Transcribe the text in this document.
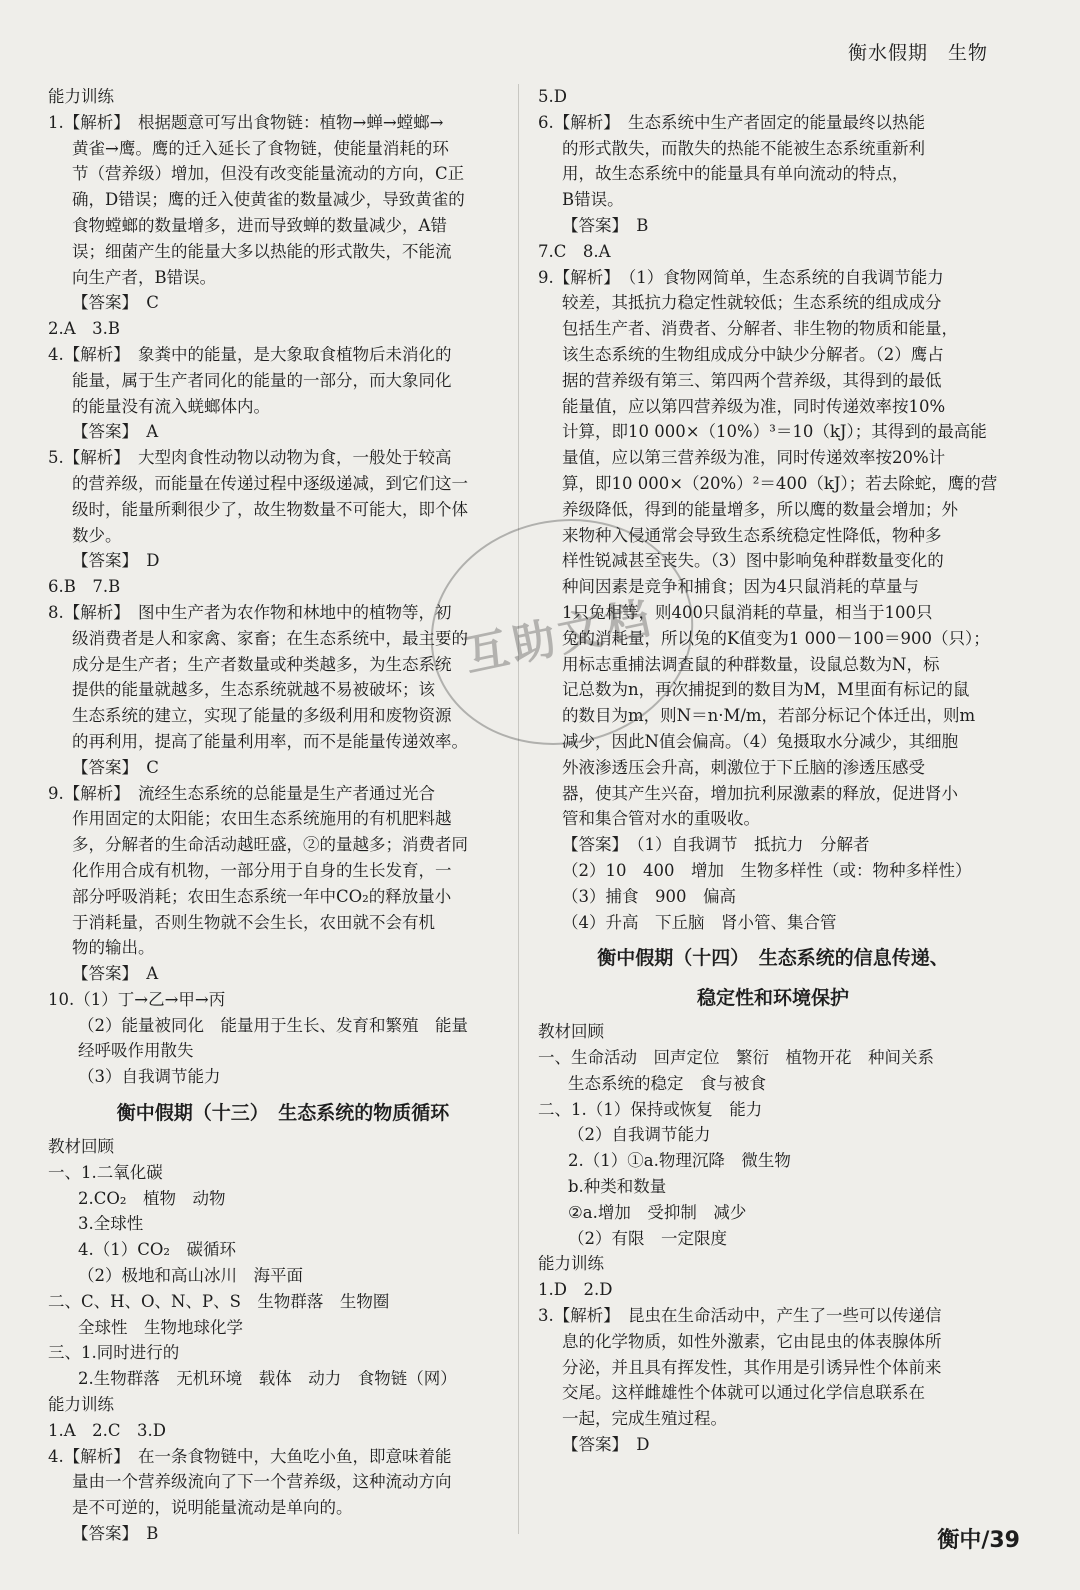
衡水假期　生物
能力训练
1.【解析】　根据题意可写出食物链：植物→蝉→螳螂→
黄雀→鹰。鹰的迁入延长了食物链，使能量消耗的环
节（营养级）增加，但没有改变能量流动的方向，C正
确，D错误；鹰的迁入使黄雀的数量减少，导致黄雀的
食物螳螂的数量增多，进而导致蝉的数量减少，A错
误；细菌产生的能量大多以热能的形式散失，不能流
向生产者，B错误。
【答案】　C
2.A　3.B
4.【解析】　象粪中的能量，是大象取食植物后未消化的
能量，属于生产者同化的能量的一部分，而大象同化
的能量没有流入蜣螂体内。
【答案】　A
5.【解析】　大型肉食性动物以动物为食，一般处于较高
的营养级，而能量在传递过程中逐级递减，到它们这一
级时，能量所剩很少了，故生物数量不可能大，即个体
数少。
【答案】　D
6.B　7.B
8.【解析】　图中生产者为农作物和林地中的植物等，初
级消费者是人和家禽、家畜；在生态系统中，最主要的
成分是生产者；生产者数量或种类越多，为生态系统
提供的能量就越多，生态系统就越不易被破坏；该
生态系统的建立，实现了能量的多级利用和废物资源
的再利用，提高了能量利用率，而不是能量传递效率。
【答案】　C
9.【解析】　流经生态系统的总能量是生产者通过光合
作用固定的太阳能；农田生态系统施用的有机肥料越
多，分解者的生命活动越旺盛，②的量越多；消费者同
化作用合成有机物，一部分用于自身的生长发育，一
部分呼吸消耗；农田生态系统一年中CO₂的释放量小
于消耗量，否则生物就不会生长，农田就不会有机
物的输出。
【答案】　A
10.（1）丁→乙→甲→丙
（2）能量被同化　能量用于生长、发育和繁殖　能量
经呼吸作用散失
（3）自我调节能力
衡中假期（十三）　生态系统的物质循环
教材回顾
一、1.二氧化碳
2.CO₂　植物　动物
3.全球性
4.（1）CO₂　碳循环
（2）极地和高山冰川　海平面
二、C、H、O、N、P、S　生物群落　生物圈
全球性　生物地球化学
三、1.同时进行的
2.生物群落　无机环境　载体　动力　食物链（网）
能力训练
1.A　2.C　3.D
4.【解析】　在一条食物链中，大鱼吃小鱼，即意味着能
量由一个营养级流向了下一个营养级，这种流动方向
是不可逆的，说明能量流动是单向的。
【答案】　B
5.D
6.【解析】　生态系统中生产者固定的能量最终以热能
的形式散失，而散失的热能不能被生态系统重新利
用，故生态系统中的能量具有单向流动的特点，
B错误。
【答案】　B
7.C　8.A
9.【解析】　（1）食物网简单，生态系统的自我调节能力
较差，其抵抗力稳定性就较低；生态系统的组成成分
包括生产者、消费者、分解者、非生物的物质和能量，
该生态系统的生物组成成分中缺少分解者。（2）鹰占
据的营养级有第三、第四两个营养级，其得到的最低
能量值，应以第四营养级为准，同时传递效率按10%
计算，即10 000×（10%）³＝10（kJ）；其得到的最高能
量值，应以第三营养级为准，同时传递效率按20%计
算，即10 000×（20%）²＝400（kJ）；若去除蛇，鹰的营
养级降低，得到的能量增多，所以鹰的数量会增加；外
来物种入侵通常会导致生态系统稳定性降低，物种多
样性锐减甚至丧失。（3）图中影响兔种群数量变化的
种间因素是竞争和捕食；因为4只鼠消耗的草量与
1只兔相等，则400只鼠消耗的草量，相当于100只
兔的消耗量，所以兔的K值变为1 000－100＝900（只）；
用标志重捕法调查鼠的种群数量，设鼠总数为N，标
记总数为n，再次捕捉到的数目为M，M里面有标记的鼠
的数目为m，则N＝n·M/m，若部分标记个体迁出，则m
减少，因此N值会偏高。（4）兔摄取水分减少，其细胞
外液渗透压会升高，刺激位于下丘脑的渗透压感受
器，使其产生兴奋，增加抗利尿激素的释放，促进肾小
管和集合管对水的重吸收。
【答案】　（1）自我调节　抵抗力　分解者
（2）10　400　增加　生物多样性（或：物种多样性）
（3）捕食　900　偏高
（4）升高　下丘脑　肾小管、集合管
衡中假期（十四）　生态系统的信息传递、
稳定性和环境保护
教材回顾
一、生命活动　回声定位　繁衍　植物开花　种间关系
生态系统的稳定　食与被食
二、1.（1）保持或恢复　能力
（2）自我调节能力
2.（1）①a.物理沉降　微生物
b.种类和数量
②a.增加　受抑制　减少
（2）有限　一定限度
能力训练
1.D　2.D
3.【解析】　昆虫在生命活动中，产生了一些可以传递信
息的化学物质，如性外激素，它由昆虫的体表腺体所
分泌，并且具有挥发性，其作用是引诱异性个体前来
交尾。这样雌雄性个体就可以通过化学信息联系在
一起，完成生殖过程。
【答案】　D
互助文档
衡中/39
